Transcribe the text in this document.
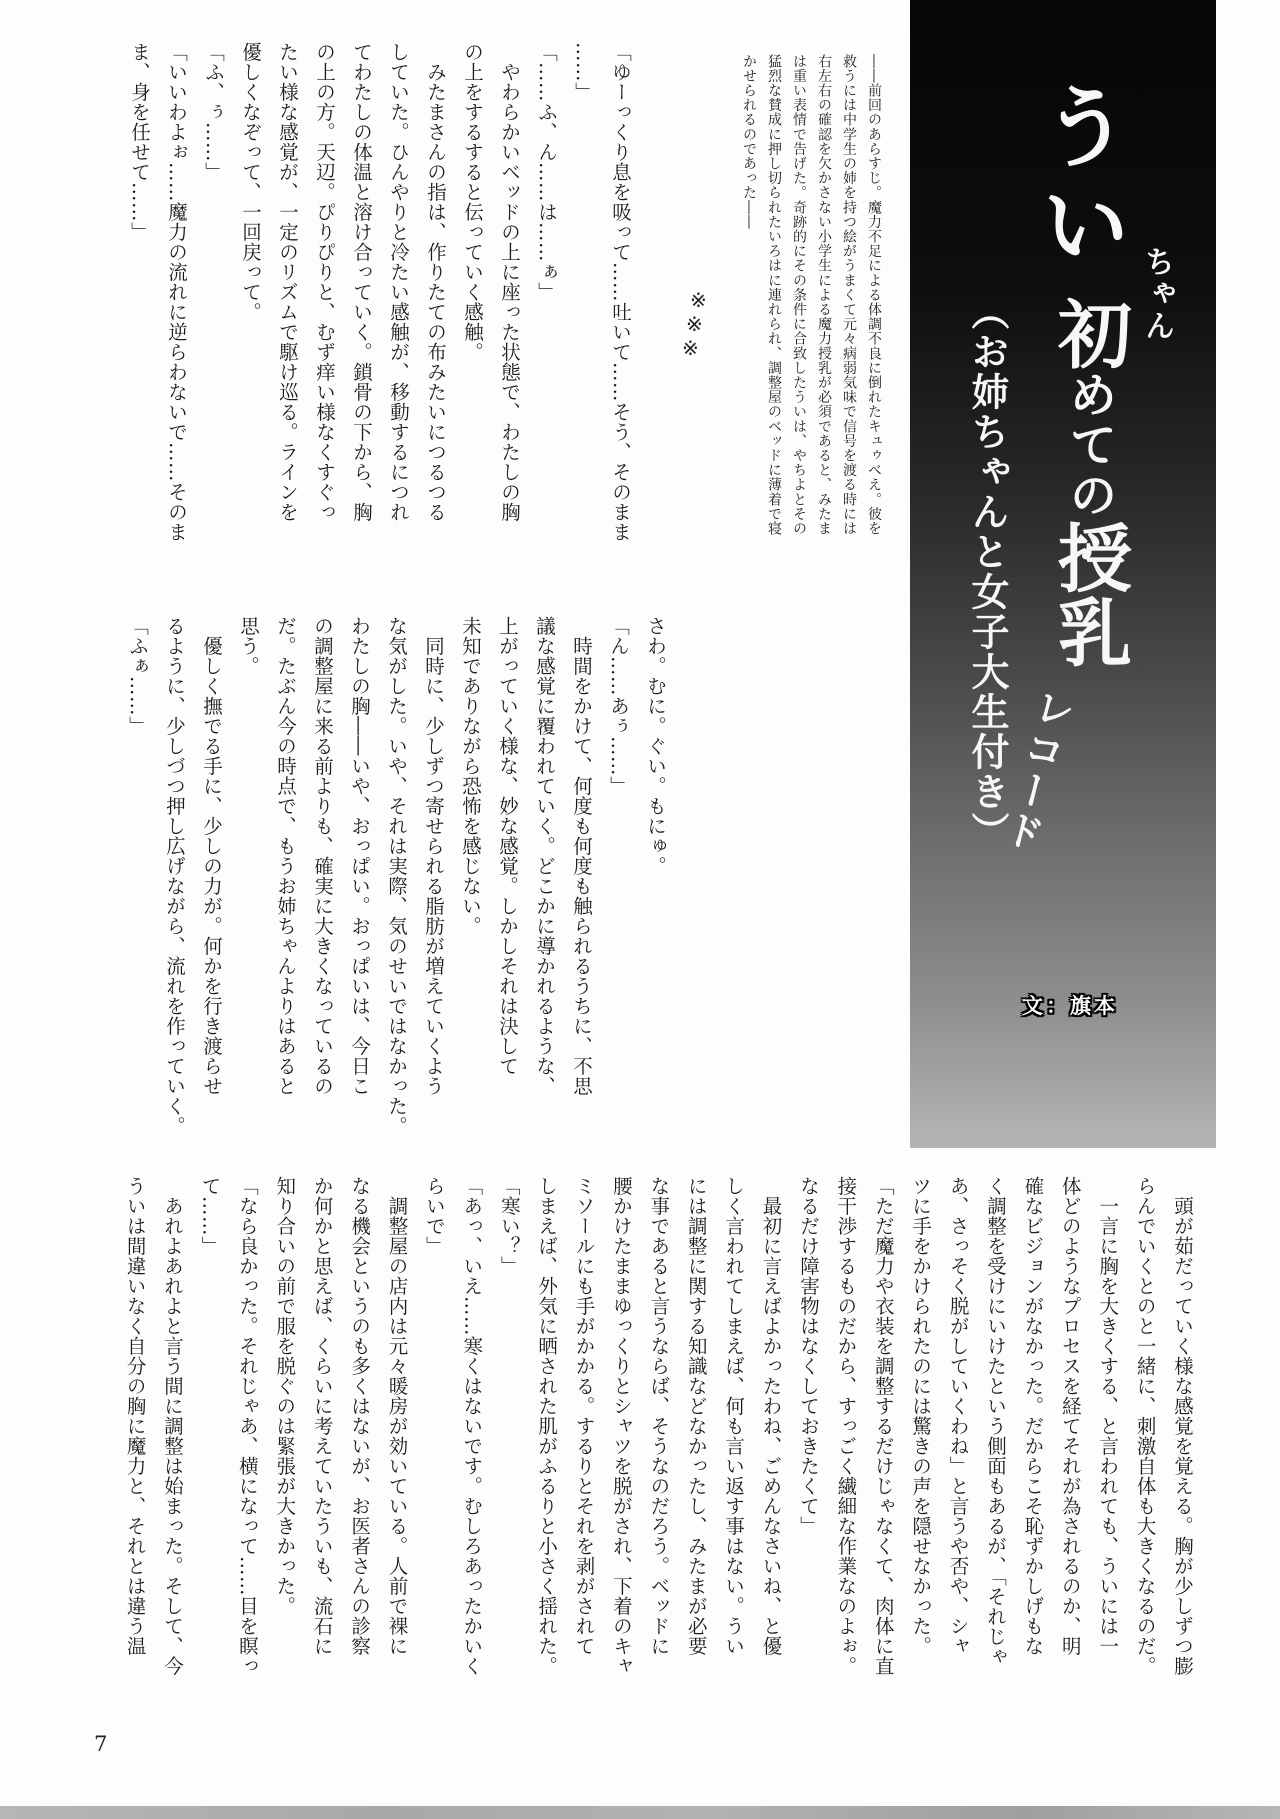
うい
ちゃん
初めての授乳
レコード
（お姉ちゃんと女子大生付き）
文：旗本

――前回のあらすじ。魔力不足による体調不良に倒れたキュゥべえ。彼を

救うには中学生の姉を持つ絵がうまくて元々病弱気味で信号を渡る時には

右左右の確認を欠かさない小学生による魔力授乳が必須であると、みたま

は重い表情で告げた。奇跡的にその条件に合致したういは、やちよとその

猛烈な賛成に押し切られたいろはに連れられ、調整屋のベッドに薄着で寝

かせられるのであった――

※
※
※

「ゆーっくり息を吸って……吐いて……そう、そのまま

……」

「……ふ、ん……は……ぁ」

　やわらかいベッドの上に座った状態で、わたしの胸

の上をするすると伝っていく感触。

　みたまさんの指は、作りたての布みたいにつるつる

していた。ひんやりと冷たい感触が、移動するにつれ

てわたしの体温と溶け合っていく。鎖骨の下から、胸

の上の方。天辺。ぴりぴりと、むず痒い様なくすぐっ

たい様な感覚が、一定のリズムで駆け巡る。ラインを

優しくなぞって、一回戻って。

「ふ、ぅ……」

「いいわよぉ……魔力の流れに逆らわないで……そのま

ま、身を任せて……」

さわ。むに。ぐい。もにゅ。

「ん……あぅ……」

　時間をかけて、何度も何度も触られるうちに、不思

議な感覚に覆われていく。どこかに導かれるような、

上がっていく様な、妙な感覚。しかしそれは決して

未知でありながら恐怖を感じない。

　同時に、少しずつ寄せられる脂肪が増えていくよう

な気がした。いや、それは実際、気のせいではなかった。

わたしの胸――いや、おっぱい。おっぱいは、今日こ

の調整屋に来る前よりも、確実に大きくなっているの

だ。たぶん今の時点で、もうお姉ちゃんよりはあると

思う。

　優しく撫でる手に、少しの力が。何かを行き渡らせ

るように、少しづつ押し広げながら、流れを作っていく。

「ふぁ……」

　頭が茹だっていく様な感覚を覚える。胸が少しずつ膨

らんでいくとのと一緒に、刺激自体も大きくなるのだ。

　一言に胸を大きくする、と言われても、ういには一

体どのようなプロセスを経てそれが為されるのか、明

確なビジョンがなかった。だからこそ恥ずかしげもな

く調整を受けにいけたという側面もあるが、「それじゃ

あ、さっそく脱がしていくわね」と言うや否や、シャ

ツに手をかけられたのには驚きの声を隠せなかった。

「ただ魔力や衣装を調整するだけじゃなくて、肉体に直

接干渉するものだから、すっごく繊細な作業なのよぉ。

なるだけ障害物はなくしておきたくて」

　最初に言えばよかったわね、ごめんなさいね、と優

しく言われてしまえば、何も言い返す事はない。うい

には調整に関する知識などなかったし、みたまが必要

な事であると言うならば、そうなのだろう。ベッドに

腰かけたままゆっくりとシャツを脱がされ、下着のキャ

ミソールにも手がかかる。するりとそれを剥がされて

しまえば、外気に晒された肌がふるりと小さく揺れた。

「寒い？」

「あっ、いえ……寒くはないです。むしろあったかいく

らいで」

　調整屋の店内は元々暖房が効いている。人前で裸に

なる機会というのも多くはないが、お医者さんの診察

か何かと思えば、くらいに考えていたういも、流石に

知り合いの前で服を脱ぐのは緊張が大きかった。

「なら良かった。それじゃあ、横になって……目を瞑っ

て……」

　あれよあれよと言う間に調整は始まった。そして、今

ういは間違いなく自分の胸に魔力と、それとは違う温

7
